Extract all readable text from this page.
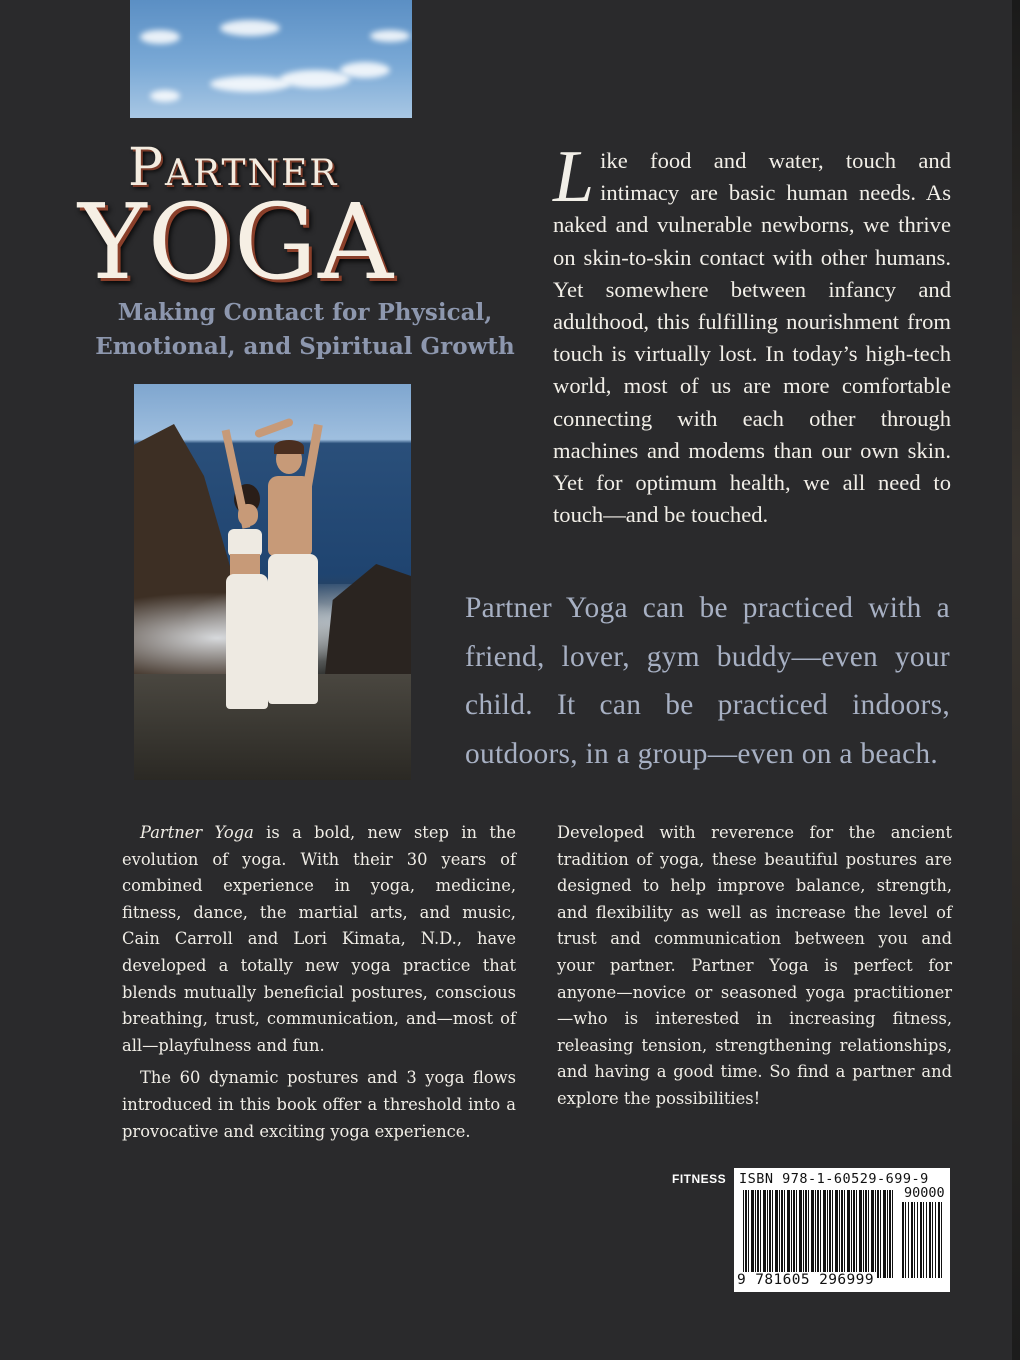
Partner
YOGA
Making Contact for Physical,
Emotional, and Spiritual Growth
Like food and water, touch and intimacy are basic human needs. As naked and vulnerable newborns, we thrive on skin-to-skin contact with other humans. Yet somewhere between infancy and adulthood, this fulfilling nourishment from touch is virtually lost. In today’s high-tech world, most of us are more comfortable connecting with each other through machines and modems than our own skin. Yet for optimum health, we all need to touch—and be touched.

Partner Yoga can be practiced with a friend, lover, gym buddy—even your child. It can be practiced indoors, outdoors, in a group—even on a beach.

Partner Yoga is a bold, new step in the evolution of yoga. With their 30 years of combined experience in yoga, medicine, fitness, dance, the martial arts, and music, Cain Carroll and Lori Kimata, N.D., have developed a totally new yoga practice that blends mutually beneficial postures, conscious breathing, trust, communication, and—most of all—playfulness and fun.

The 60 dynamic postures and 3 yoga flows introduced in this book offer a threshold into a provocative and exciting yoga experience.

Developed with reverence for the ancient tradition of yoga, these beautiful postures are designed to help improve balance, strength, and flexibility as well as increase the level of trust and communication between you and your partner. Partner Yoga is perfect for anyone—novice or seasoned yoga practitioner—who is interested in increasing fitness, releasing tension, strengthening relationships, and having a good time. So find a partner and explore the possibilities!

FITNESS ISBN 978-1-60529-699-9
90000
9 781605 296999
